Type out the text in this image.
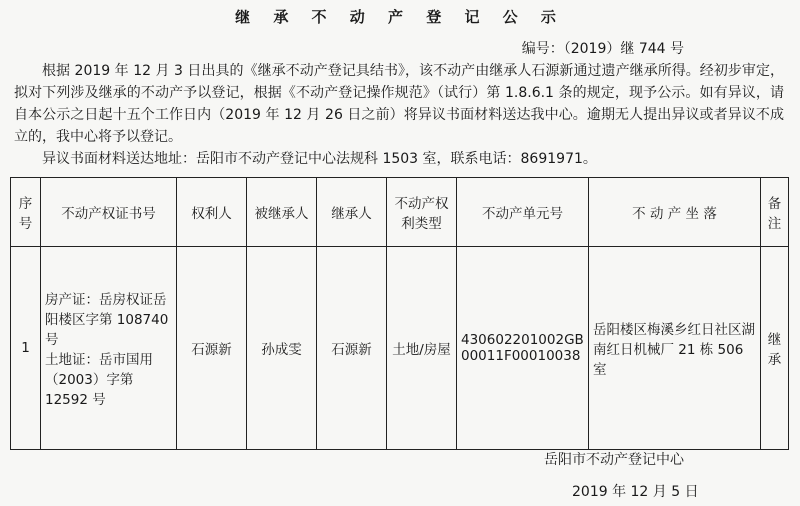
继 承 不 动 产 登 记 公 示
编号：（2019）继 744 号

根据 2019 年 12 月 3 日出具的《继承不动产登记具结书》，该不动产由继承人石源新通过遗产继承所得。经初步审定， 拟对下列涉及继承的不动产予以登记，根据《不动产登记操作规范》（试行）第 1.8.6.1 条的规定，现予公示。如有异议，请自本公示之日起十五个工作日内（2019 年 12 月 26 日之前）将异议书面材料送达我中心。逾期无人提出异议或者异议不成立的，我中心将予以登记。

异议书面材料送达地址：岳阳市不动产登记中心法规科 1503 室，联系电话：8691971。

序号	不动产权证书号	权利人	被继承人	继承人	不动产权利类型	不动产单元号	不 动 产 坐 落	备注
1	房产证：岳房权证岳阳楼区字第 108740 号
土地证：岳市国用（2003）字第 12592 号	石源新	孙成雯	石源新	土地/房屋	430602201002GB00011F00010038	岳阳楼区梅溪乡红日社区湖南红日机械厂 21 栋 506 室	继承
岳阳市不动产登记中心
2019 年 12 月 5 日
